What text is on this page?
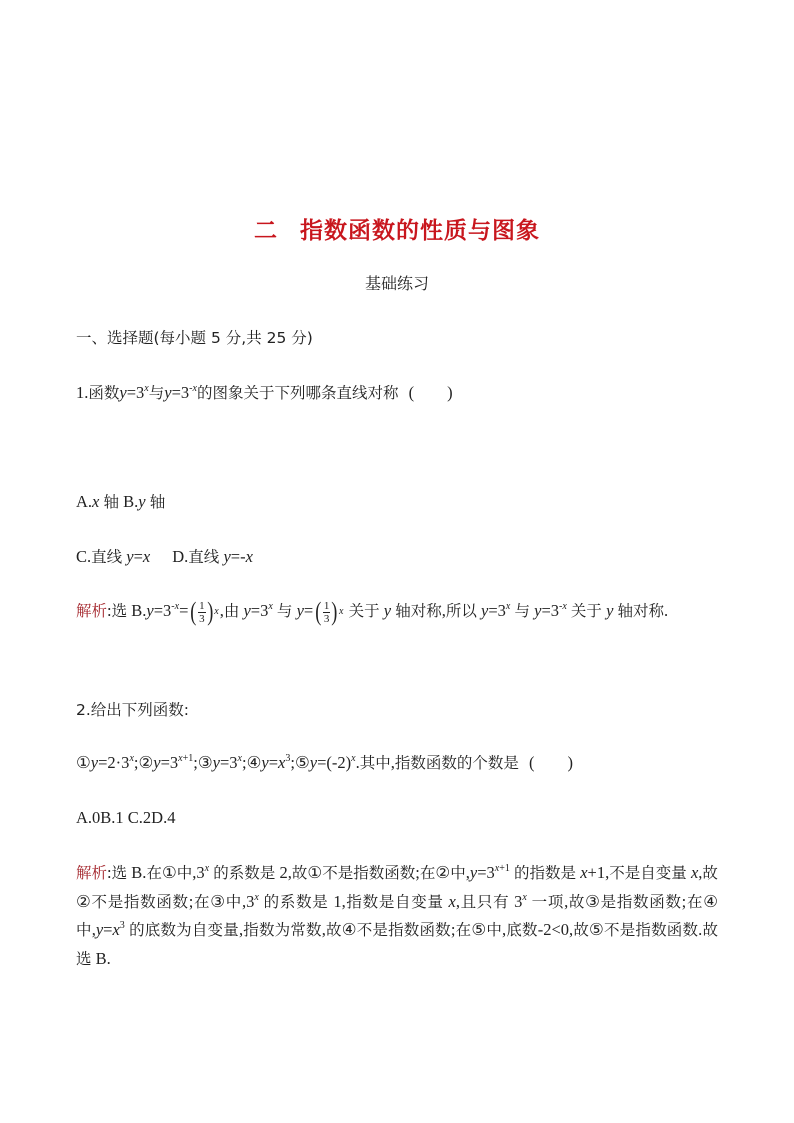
二 指数函数的性质与图象
基础练习
一、选择题(每小题 5 分,共 25 分)
1.函数$y=3^x$与$y=3^{-x}$的图象关于下列哪条直线对称 (　　)
A.x 轴 B.y 轴
C.直线 y=x D.直线 y=-x
解析:选 $B.y=3^{-x}=$ ( 1
3 ) x ,由 $y=3^x$ 与 y= ( 1
3 ) x 关于 y 轴对称,所以 $y=3^x$ 与 $y=3^{-x}$ 关于 y 轴对称.
2.给出下列函数:
$①y=2\cdot 3^x;②y=3^{x+1};③y=3^x;④y=x^3;⑤y=(-2)^x$.其中,指数函数的个数是 (　　)
A.0B.1 C.2D.4
解析:选 B.在①中,3$^x$ 的系数是 2,故①不是指数函数;在②中$,y=3^{x+1}$ 的指数是 x+1,不是自变量 x,故②不是指数函数;在③中,3$^x$ 的系数是 1,指数是自变量 x,且只有 3$^x$ 一项,故③是指数函数;在④中$,y=x^3$ 的底数为自变量,指数为常数,故④不是指数函数;在⑤中,底数-2<0,故⑤不是指数函数.故选 B.
